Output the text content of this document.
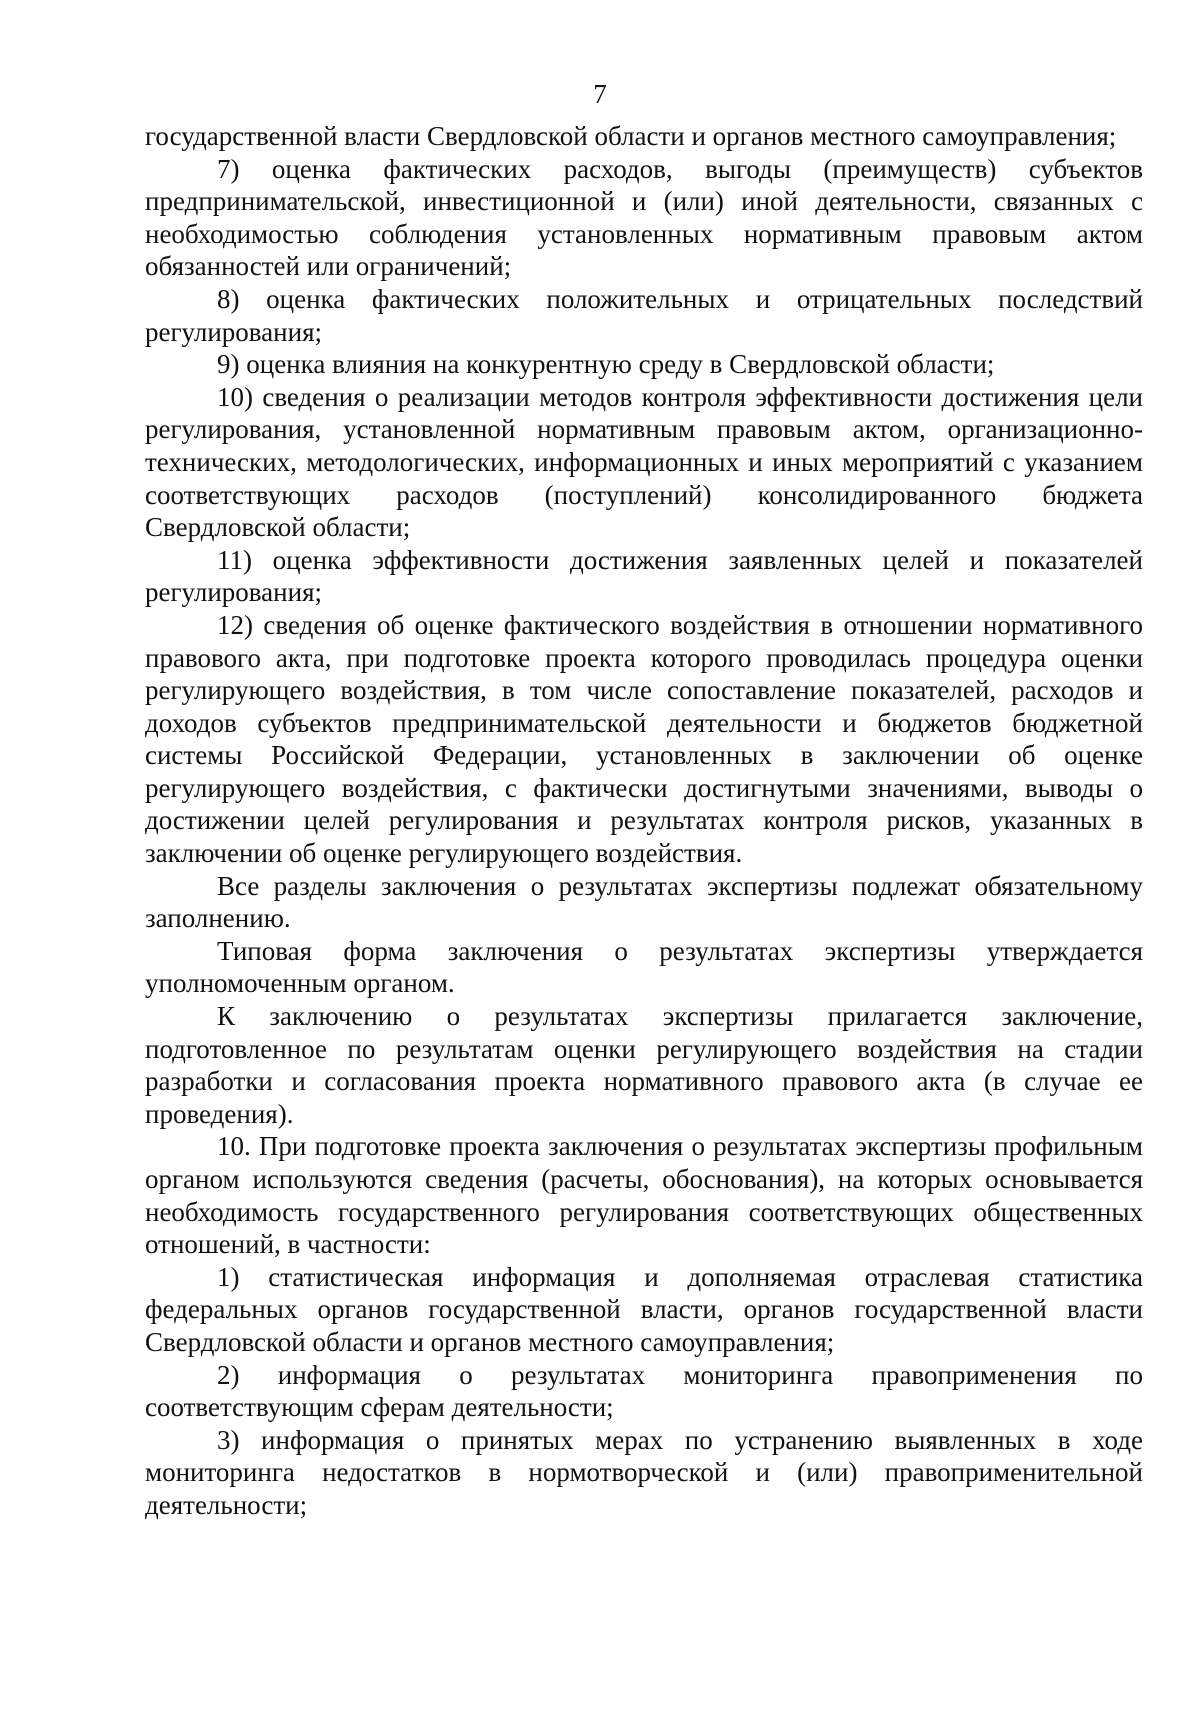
7

государственной власти Свердловской области и органов местного самоуправления;

7) оценка фактических расходов, выгоды (преимуществ) субъектов предпринимательской, инвестиционной и (или) иной деятельности, связанных с необходимостью соблюдения установленных нормативным правовым актом обязанностей или ограничений;

8) оценка фактических положительных и отрицательных последствий регулирования;

9) оценка влияния на конкурентную среду в Свердловской области;

10) сведения о реализации методов контроля эффективности достижения цели регулирования, установленной нормативным правовым актом, организационно-технических, методологических, информационных и иных мероприятий с указанием соответствующих расходов (поступлений) консолидированного бюджета Свердловской области;

11) оценка эффективности достижения заявленных целей и показателей регулирования;

12) сведения об оценке фактического воздействия в отношении нормативного правового акта, при подготовке проекта которого проводилась процедура оценки регулирующего воздействия, в том числе сопоставление показателей, расходов и доходов субъектов предпринимательской деятельности и бюджетов бюджетной системы Российской Федерации, установленных в заключении об оценке регулирующего воздействия, с фактически достигнутыми значениями, выводы о достижении целей регулирования и результатах контроля рисков, указанных в заключении об оценке регулирующего воздействия.

Все разделы заключения о результатах экспертизы подлежат обязательному заполнению.

Типовая форма заключения о результатах экспертизы утверждается уполномоченным органом.

К заключению о результатах экспертизы прилагается заключение, подготовленное по результатам оценки регулирующего воздействия на стадии разработки и согласования проекта нормативного правового акта (в случае ее проведения).

10. При подготовке проекта заключения о результатах экспертизы профильным органом используются сведения (расчеты, обоснования), на которых основывается необходимость государственного регулирования соответствующих общественных отношений, в частности:

1) статистическая информация и дополняемая отраслевая статистика федеральных органов государственной власти, органов государственной власти Свердловской области и органов местного самоуправления;

2) информация о результатах мониторинга правоприменения по соответствующим сферам деятельности;

3) информация о принятых мерах по устранению выявленных в ходе мониторинга недостатков в нормотворческой и (или) правоприменительной деятельности;
